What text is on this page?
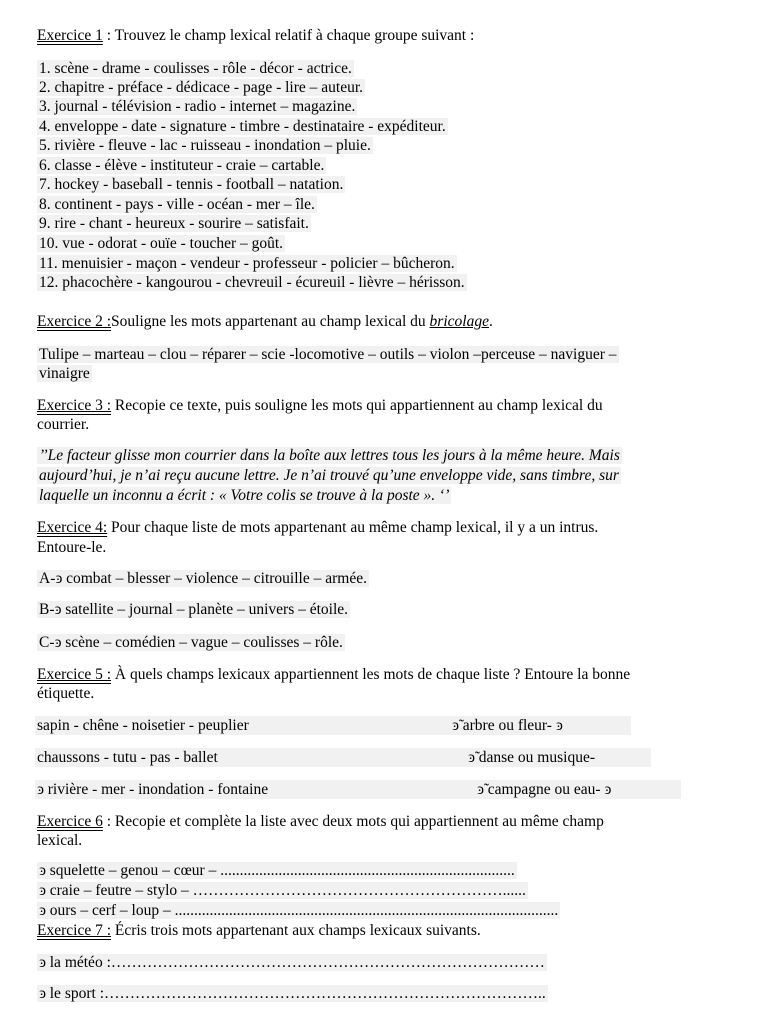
Exercice 1 : Trouvez le champ lexical relatif à chaque groupe suivant :
1. scène - drame - coulisses - rôle - décor - actrice.
2. chapitre - préface - dédicace - page - lire – auteur.
3. journal - télévision - radio - internet – magazine.
4. enveloppe - date - signature - timbre - destinataire - expéditeur.
5. rivière - fleuve - lac - ruisseau - inondation – pluie.
6. classe - élève - instituteur - craie – cartable.
7. hockey - baseball - tennis - football – natation.
8. continent - pays - ville - océan - mer – île.
9. rire - chant - heureux - sourire – satisfait.
10. vue - odorat - ouïe - toucher – goût.
11. menuisier - maçon - vendeur - professeur - policier – bûcheron.
12. phacochère - kangourou - chevreuil - écureuil - lièvre – hérisson.
Exercice 2 :Souligne les mots appartenant au champ lexical du bricolage.
Tulipe – marteau – clou – réparer – scie -locomotive – outils – violon –perceuse – naviguer –
vinaigre
Exercice 3 : Recopie ce texte, puis souligne les mots qui appartiennent au champ lexical du
courrier.
’’Le facteur glisse mon courrier dans la boîte aux lettres tous les jours à la même heure. Mais
aujourd’hui, je n’ai reçu aucune lettre. Je n’ai trouvé qu’une enveloppe vide, sans timbre, sur
laquelle un inconnu a écrit : « Votre colis se trouve à la poste ». ‘’
Exercice 4: Pour chaque liste de mots appartenant au même champ lexical, il y a un intrus.
Entoure-le.
A-ͽ combat – blesser – violence – citrouille – armée.
B-ͽ satellite – journal – planète – univers – étoile.
C-ͽ scène – comédien – vague – coulisses – rôle.
Exercice 5 : À quels champs lexicaux appartiennent les mots de chaque liste ? Entoure la bonne
étiquette.
sapin - chêne - noisetier - peuplier	ͽ̃ arbre ou fleur- ͽ
chaussons - tutu - pas - ballet	ͽ̃ danse ou musique-
ͽ rivière - mer - inondation - fontaine	ͽ̃ campagne ou eau- ͽ
Exercice 6 : Recopie et complète la liste avec deux mots qui appartiennent au même champ
lexical.
ͽ squelette – genou – cœur – ............................................................................
ͽ craie – feutre – stylo – ……………………………………………………......
ͽ ours – cerf – loup – ...................................................................................................
Exercice 7 : Écris trois mots appartenant aux champs lexicaux suivants.
ͽ la météo :…………………………………………………………………………
ͽ le sport :…………………………………………………………………………..
